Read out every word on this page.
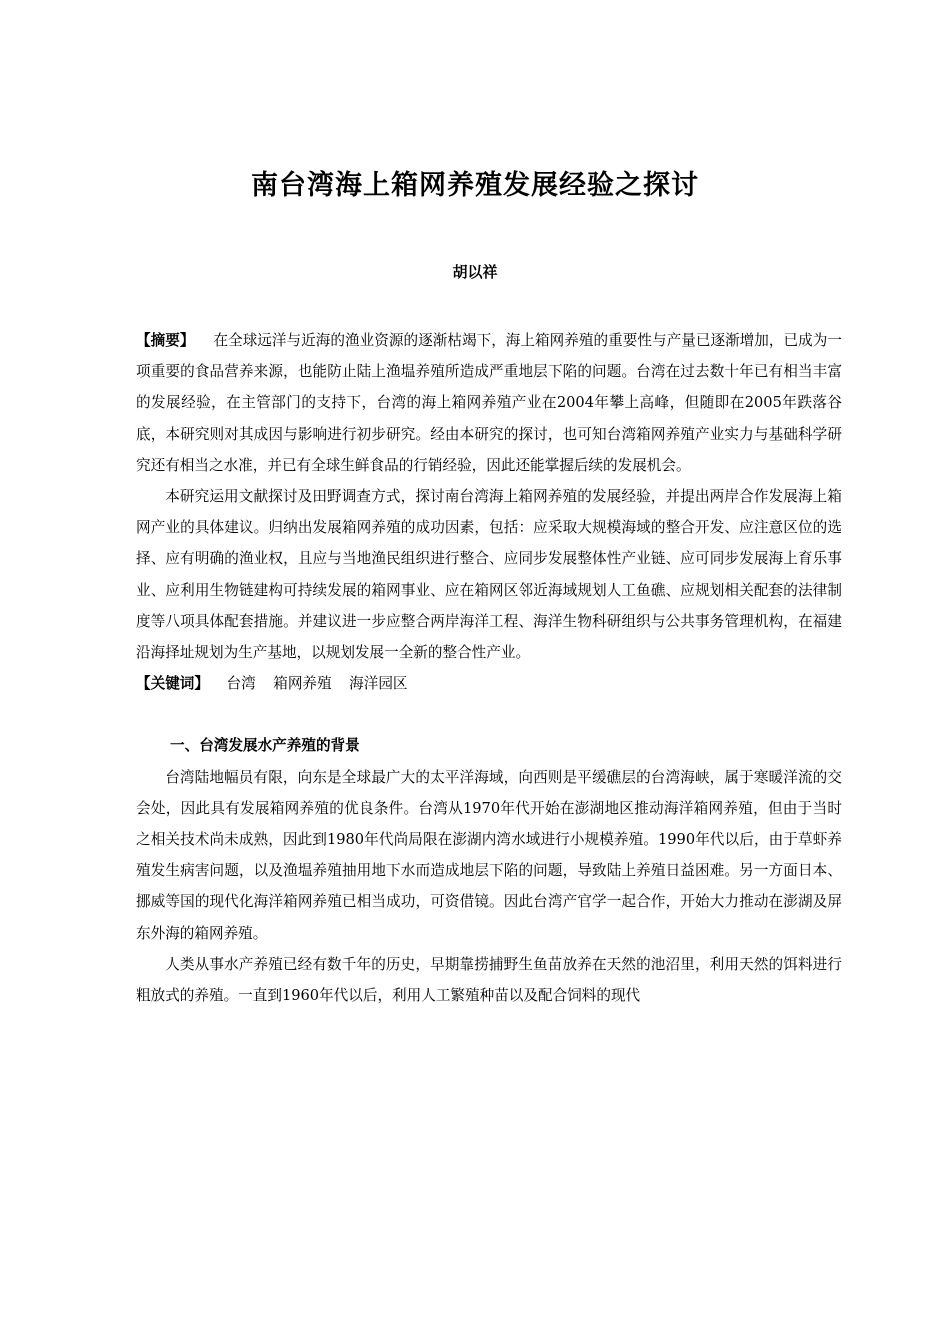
南台湾海上箱网养殖发展经验之探讨
胡以祥

【摘要】 在全球远洋与近海的渔业资源的逐渐枯竭下，海上箱网养殖的重要性与产量已逐渐增加，已成为一项重要的食品营养来源，也能防止陆上渔塭养殖所造成严重地层下陷的问题。台湾在过去数十年已有相当丰富的发展经验，在主管部门的支持下，台湾的海上箱网养殖产业在2004年攀上高峰，但随即在2005年跌落谷底，本研究则对其成因与影响进行初步研究。经由本研究的探讨，也可知台湾箱网养殖产业实力与基础科学研究还有相当之水准，并已有全球生鲜食品的行销经验，因此还能掌握后续的发展机会。

本研究运用文献探讨及田野调查方式，探讨南台湾海上箱网养殖的发展经验，并提出两岸合作发展海上箱网产业的具体建议。归纳出发展箱网养殖的成功因素，包括：应采取大规模海域的整合开发、应注意区位的选择、应有明确的渔业权，且应与当地渔民组织进行整合、应同步发展整体性产业链、应可同步发展海上育乐事业、应利用生物链建构可持续发展的箱网事业、应在箱网区邻近海域规划人工鱼礁、应规划相关配套的法律制度等八项具体配套措施。并建议进一步应整合两岸海洋工程、海洋生物科研组织与公共事务管理机构，在福建沿海择址规划为生产基地，以规划发展一全新的整合性产业。

【关键词】 台湾 箱网养殖 海洋园区

一、台湾发展水产养殖的背景

台湾陆地幅员有限，向东是全球最广大的太平洋海域，向西则是平缓礁层的台湾海峡，属于寒暖洋流的交会处，因此具有发展箱网养殖的优良条件。台湾从1970年代开始在澎湖地区推动海洋箱网养殖，但由于当时之相关技术尚未成熟，因此到1980年代尚局限在澎湖内湾水域进行小规模养殖。1990年代以后，由于草虾养殖发生病害问题，以及渔塭养殖抽用地下水而造成地层下陷的问题，导致陆上养殖日益困难。另一方面日本、挪威等国的现代化海洋箱网养殖已相当成功，可资借镜。因此台湾产官学一起合作，开始大力推动在澎湖及屏东外海的箱网养殖。

人类从事水产养殖已经有数千年的历史，早期靠捞捕野生鱼苗放养在天然的池沼里，利用天然的饵料进行粗放式的养殖。一直到1960年代以后，利用人工繁殖种苗以及配合饲料的现代
